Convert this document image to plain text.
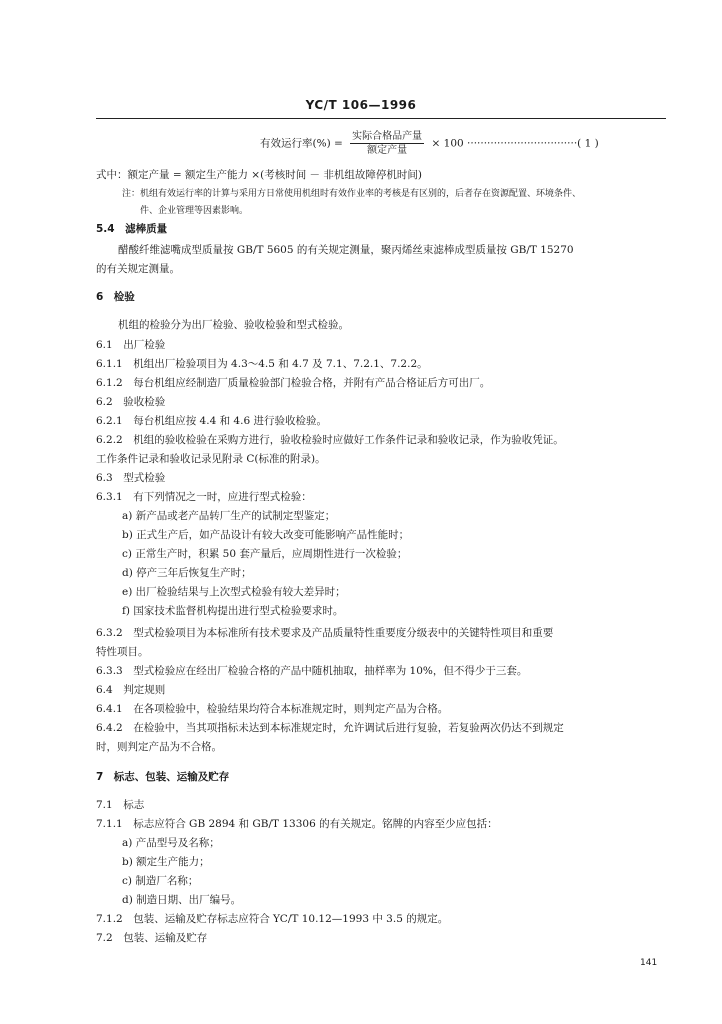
YC/T 106—1996
有效运行率(%) = $\frac{\text{实际合格品产量}}{\text{额定产量}} \times 100$ ·································( 1 )
式中：额定产量 = 额定生产能力 ×(考核时间 － 非机组故障停机时间)
注：机组有效运行率的计算与采用方日常使用机组时有效作业率的考核是有区别的，后者存在资源配置、环境条件、
件、企业管理等因素影响。
5.4　滤棒质量
醋酸纤维滤嘴成型质量按 GB/T 5605 的有关规定测量，聚丙烯丝束滤棒成型质量按 GB/T 15270
的有关规定测量。
6　检验
机组的检验分为出厂检验、验收检验和型式检验。
6.1　出厂检验
6.1.1　机组出厂检验项目为 4.3～4.5 和 4.7 及 7.1、7.2.1、7.2.2。
6.1.2　每台机组应经制造厂质量检验部门检验合格，并附有产品合格证后方可出厂。
6.2　验收检验
6.2.1　每台机组应按 4.4 和 4.6 进行验收检验。
6.2.2　机组的验收检验在采购方进行，验收检验时应做好工作条件记录和验收记录，作为验收凭证。
工作条件记录和验收记录见附录 C(标准的附录)。
6.3　型式检验
6.3.1　有下列情况之一时，应进行型式检验：
a) 新产品或老产品转厂生产的试制定型鉴定；
b) 正式生产后，如产品设计有较大改变可能影响产品性能时；
c) 正常生产时，积累 50 套产量后，应周期性进行一次检验；
d) 停产三年后恢复生产时；
e) 出厂检验结果与上次型式检验有较大差异时；
f) 国家技术监督机构提出进行型式检验要求时。
6.3.2　型式检验项目为本标准所有技术要求及产品质量特性重要度分级表中的关键特性项目和重要
特性项目。
6.3.3　型式检验应在经出厂检验合格的产品中随机抽取，抽样率为 10%，但不得少于三套。
6.4　判定规则
6.4.1　在各项检验中，检验结果均符合本标准规定时，则判定产品为合格。
6.4.2　在检验中，当其项指标未达到本标准规定时，允许调试后进行复验，若复验两次仍达不到规定
时，则判定产品为不合格。
7　标志、包装、运输及贮存
7.1　标志
7.1.1　标志应符合 GB 2894 和 GB/T 13306 的有关规定。铭牌的内容至少应包括：
a) 产品型号及名称；
b) 额定生产能力；
c) 制造厂名称；
d) 制造日期、出厂编号。
7.1.2　包装、运输及贮存标志应符合 YC/T 10.12—1993 中 3.5 的规定。
7.2　包装、运输及贮存
141
